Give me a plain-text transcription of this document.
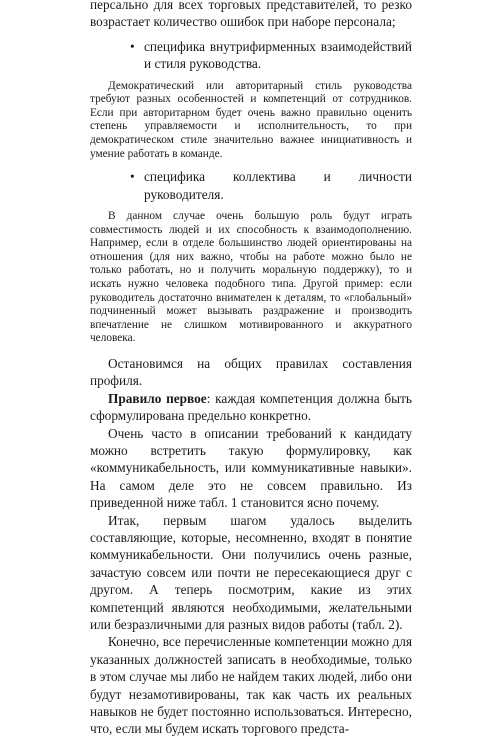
персально для всех торговых представителей, то резко возрастает количество ошибок при наборе персонала;

• специфика внутрифирменных взаимодействий и стиля руководства.

Демократический или авторитарный стиль руководства требуют разных особенностей и компетенций от сотрудников. Если при авторитарном будет очень важно правильно оценить степень управляемости и исполнительность, то при демократическом стиле значительно важнее инициативность и умение работать в команде.

• специфика коллектива и личности руководителя.

В данном случае очень большую роль будут играть совместимость людей и их способность к взаимодополнению. Например, если в отделе большинство людей ориентированы на отношения (для них важно, чтобы на работе можно было не только работать, но и получить моральную поддержку), то и искать нужно человека подобного типа. Другой пример: если руководитель достаточно внимателен к деталям, то «глобальный» подчиненный может вызывать раздражение и производить впечатление не слишком мотивированного и аккуратного человека.

Остановимся на общих правилах составления профиля.

Правило первое: каждая компетенция должна быть сформулирована предельно конкретно.

Очень часто в описании требований к кандидату можно встретить такую формулировку, как «коммуникабельность, или коммуникативные навыки». На самом деле это не совсем правильно. Из приведенной ниже табл. 1 становится ясно почему.

Итак, первым шагом удалось выделить составляющие, которые, несомненно, входят в понятие коммуникабельности. Они получились очень разные, зачастую совсем или почти не пересекающиеся друг с другом. А теперь посмотрим, какие из этих компетенций являются необходимыми, желательными или безразличными для разных видов работы (табл. 2).

Конечно, все перечисленные компетенции можно для указанных должностей записать в необходимые, только в этом случае мы либо не найдем таких людей, либо они будут незамотивированы, так как часть их реальных навыков не будет постоянно использоваться. Интересно, что, если мы будем искать торгового предста-
